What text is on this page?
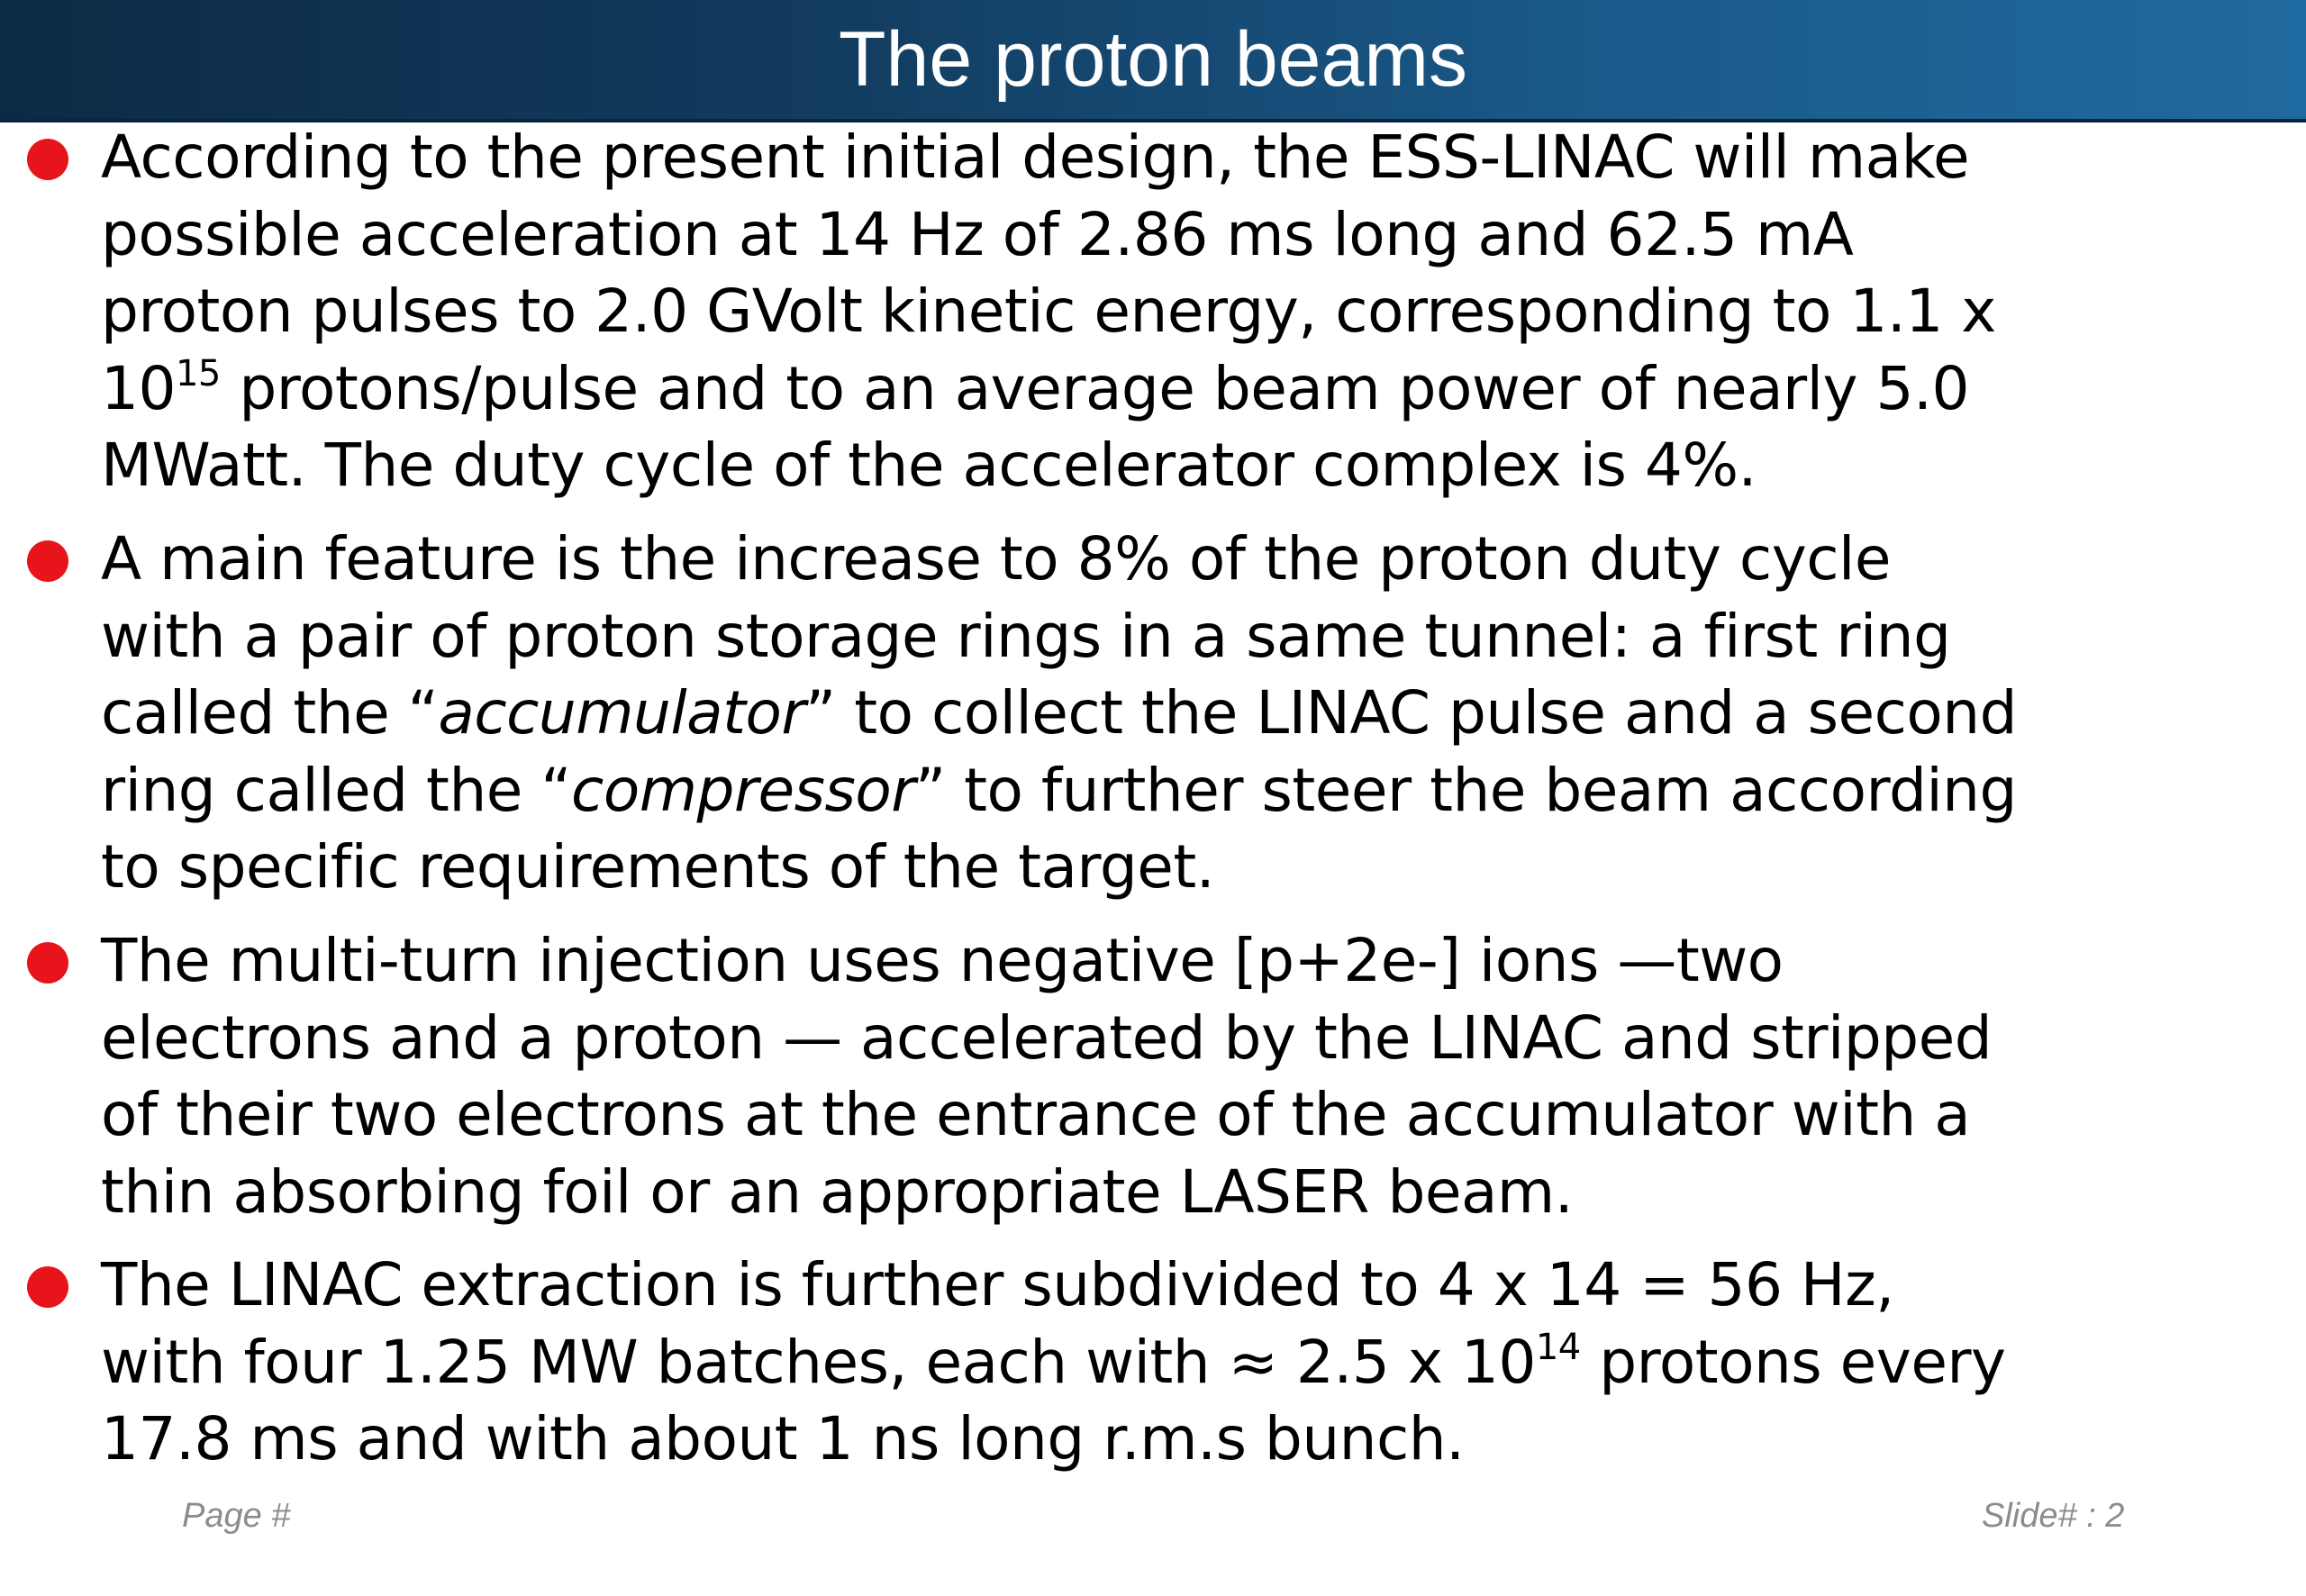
The proton beams
According to the present initial design, the ESS-LINAC will make
possible acceleration at 14 Hz of 2.86 ms long and 62.5 mA
proton pulses to 2.0 GVolt kinetic energy, corresponding to 1.1 x
$10^{15}$ protons/pulse and to an average beam power of nearly 5.0
MWatt. The duty cycle of the accelerator complex is 4%.
A main feature is the increase to 8% of the proton duty cycle
with a pair of proton storage rings in a same tunnel: a first ring
called the “accumulator” to collect the LINAC pulse and a second
ring called the “compressor” to further steer the beam according
to specific requirements of the target.
The multi-turn injection uses negative [p+2e-] ions —two
electrons and a proton — accelerated by the LINAC and stripped
of their two electrons at the entrance of the accumulator with a
thin absorbing foil or an appropriate LASER beam.
The LINAC extraction is further subdivided to 4 x 14 = 56 Hz,
with four 1.25 MW batches, each with ≈ 2.5 x $10^{14}$ protons every
17.8 ms and with about 1 ns long r.m.s bunch.
Page #	Slide# : 2
